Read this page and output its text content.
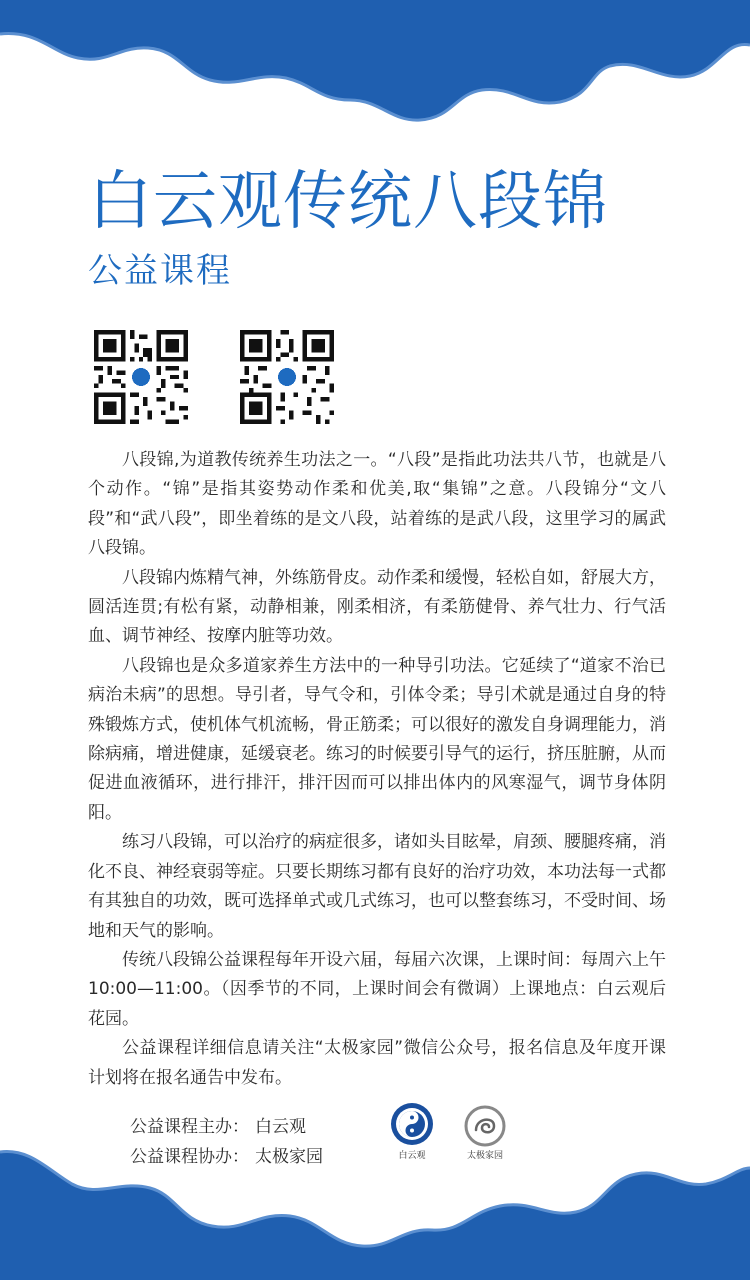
白云观传统八段锦
公益课程

八段锦,为道教传统养生功法之一。“八段”是指此功法共八节，也就是八个动作。“锦”是指其姿势动作柔和优美,取“集锦”之意。八段锦分“文八段”和“武八段”，即坐着练的是文八段，站着练的是武八段，这里学习的属武八段锦。

八段锦内炼精气神，外练筋骨皮。动作柔和缓慢，轻松自如，舒展大方，圆活连贯;有松有紧，动静相兼，刚柔相济，有柔筋健骨、养气壮力、行气活血、调节神经、按摩内脏等功效。

八段锦也是众多道家养生方法中的一种导引功法。它延续了“道家不治已病治未病”的思想。导引者，导气令和，引体令柔；导引术就是通过自身的特殊锻炼方式，使机体气机流畅，骨正筋柔；可以很好的激发自身调理能力，消除病痛，增进健康，延缓衰老。练习的时候要引导气的运行，挤压脏腑，从而促进血液循环，进行排汗，排汗因而可以排出体内的风寒湿气，调节身体阴阳。

练习八段锦，可以治疗的病症很多，诸如头目眩晕，肩颈、腰腿疼痛，消化不良、神经衰弱等症。只要长期练习都有良好的治疗功效，本功法每一式都有其独自的功效，既可选择单式或几式练习，也可以整套练习，不受时间、场地和天气的影响。

传统八段锦公益课程每年开设六届，每届六次课，上课时间：每周六上午 10:00—11:00。（因季节的不同，上课时间会有微调）上课地点：白云观后花园。

公益课程详细信息请关注“太极家园”微信公众号，报名信息及年度开课计划将在报名通告中发布。

公益课程主办： 白云观
公益课程协办： 太极家园	白云观	太极家园
